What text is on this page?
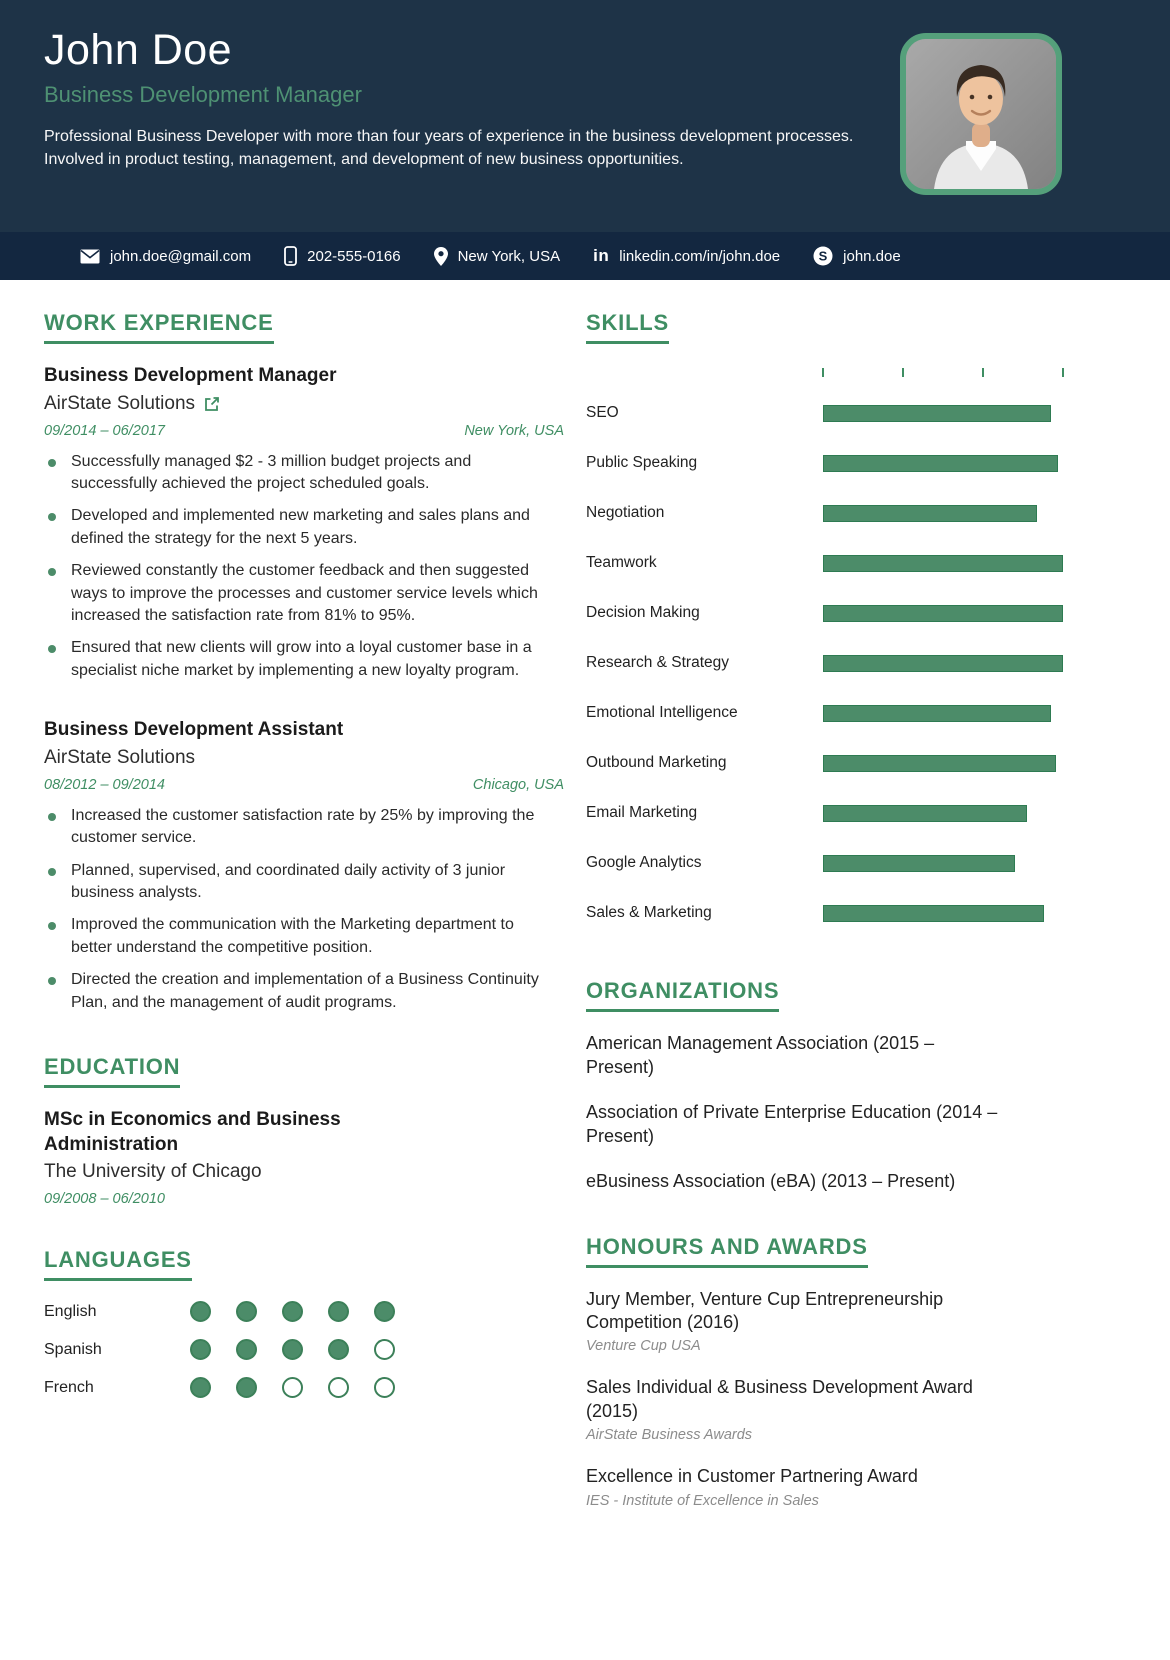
John Doe
Business Development Manager
Professional Business Developer with more than four years of experience in the business development processes. Involved in product testing, management, and development of new business opportunities.
john.doe@gmail.com	202-555-0166	New York, USA in linkedin.com/in/john.doe	S john.doe
WORK EXPERIENCE
Business Development Manager
AirState Solutions
09/2014 – 06/2017	New York, USA
Successfully managed $2 - 3 million budget projects and successfully achieved the project scheduled goals.
Developed and implemented new marketing and sales plans and defined the strategy for the next 5 years.
Reviewed constantly the customer feedback and then suggested ways to improve the processes and customer service levels which increased the satisfaction rate from 81% to 95%.
Ensured that new clients will grow into a loyal customer base in a specialist niche market by implementing a new loyalty program.
Business Development Assistant
AirState Solutions
08/2012 – 09/2014	Chicago, USA
Increased the customer satisfaction rate by 25% by improving the customer service.
Planned, supervised, and coordinated daily activity of 3 junior business analysts.
Improved the communication with the Marketing department to better understand the competitive position.
Directed the creation and implementation of a Business Continuity Plan, and the management of audit programs.
EDUCATION
MSc in Economics and Business Administration
The University of Chicago
09/2008 – 06/2010
LANGUAGES
English
Spanish
French
SKILLS
SEO
Public Speaking
Negotiation
Teamwork
Decision Making
Research & Strategy
Emotional Intelligence
Outbound Marketing
Email Marketing
Google Analytics
Sales & Marketing
ORGANIZATIONS
American Management Association (2015 – Present)
Association of Private Enterprise Education (2014 – Present)
eBusiness Association (eBA) (2013 – Present)
HONOURS AND AWARDS
Jury Member, Venture Cup Entrepreneurship Competition (2016)
Venture Cup USA
Sales Individual & Business Development Award (2015)
AirState Business Awards
Excellence in Customer Partnering Award
IES - Institute of Excellence in Sales
